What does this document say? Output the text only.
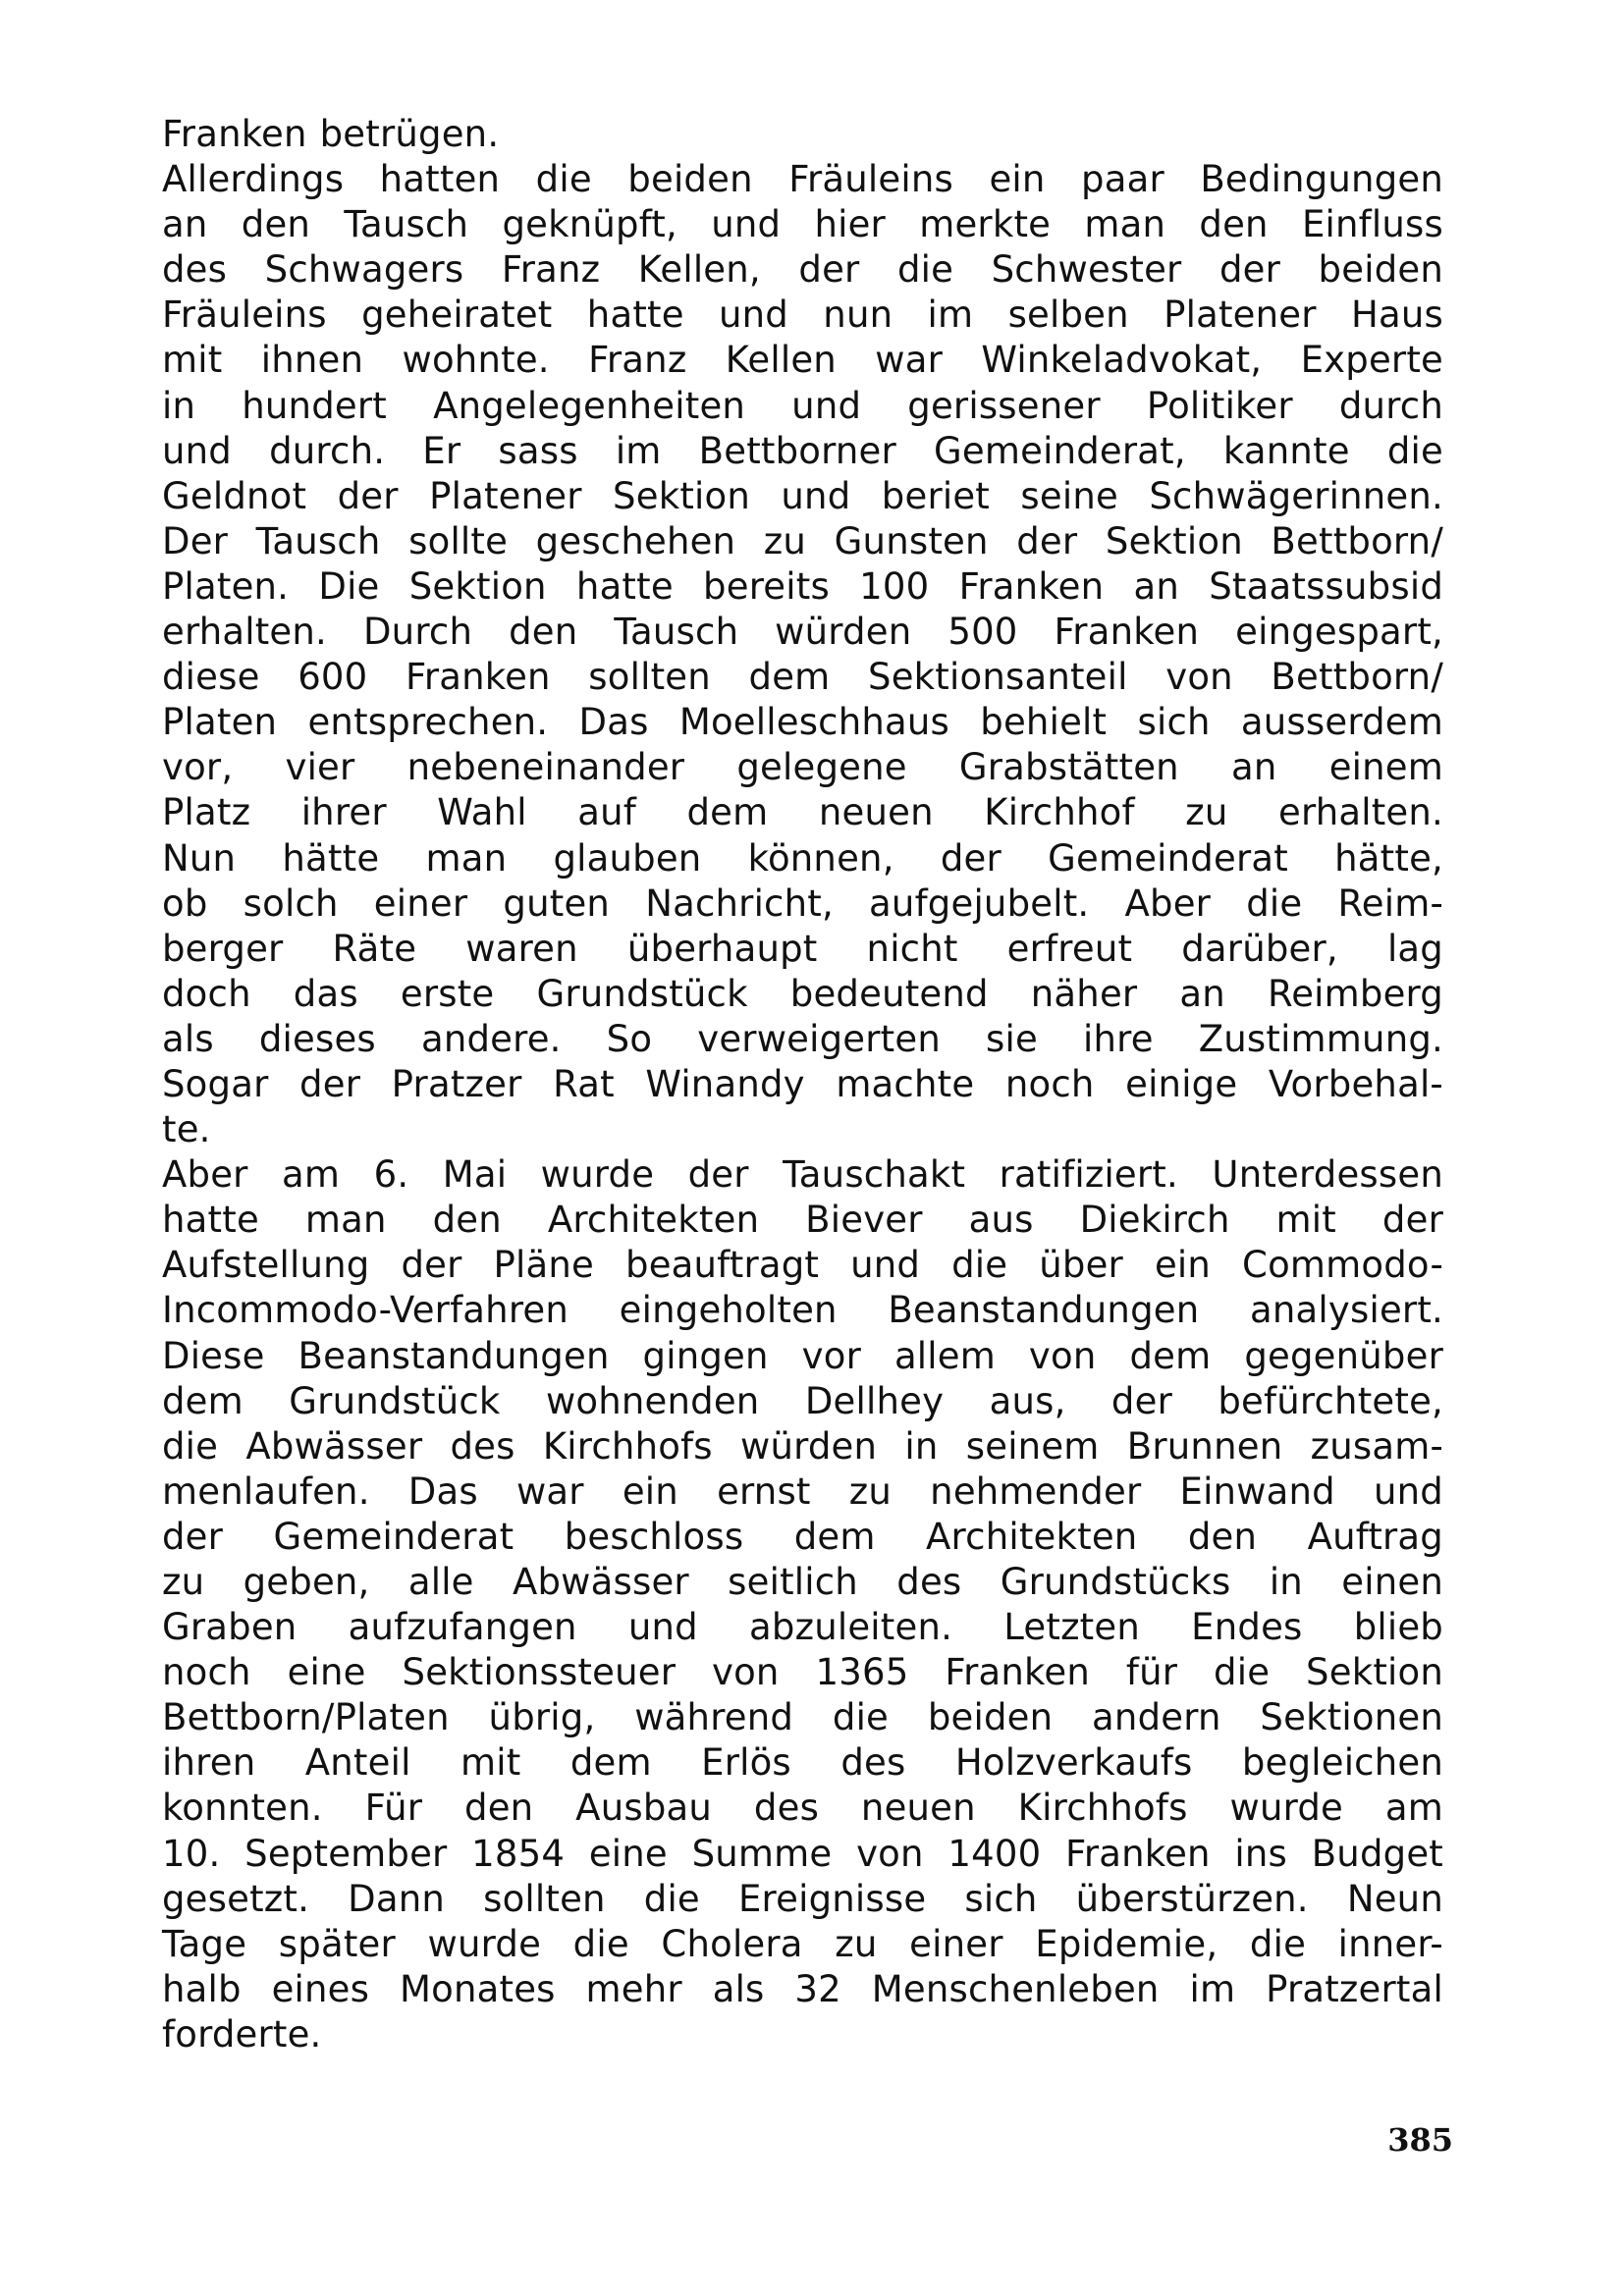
Franken betrügen.
Allerdings hatten die beiden Fräuleins ein paar Bedingungen
an den Tausch geknüpft, und hier merkte man den Einfluss
des Schwagers Franz Kellen, der die Schwester der beiden
Fräuleins geheiratet hatte und nun im selben Platener Haus
mit ihnen wohnte. Franz Kellen war Winkeladvokat, Experte
in hundert Angelegenheiten und gerissener Politiker durch
und durch. Er sass im Bettborner Gemeinderat, kannte die
Geldnot der Platener Sektion und beriet seine Schwägerinnen.
Der Tausch sollte geschehen zu Gunsten der Sektion Bettborn/
Platen. Die Sektion hatte bereits 100 Franken an Staatssubsid
erhalten. Durch den Tausch würden 500 Franken eingespart,
diese 600 Franken sollten dem Sektionsanteil von Bettborn/
Platen entsprechen. Das Moelleschhaus behielt sich ausserdem
vor, vier nebeneinander gelegene Grabstätten an einem
Platz ihrer Wahl auf dem neuen Kirchhof zu erhalten.
Nun hätte man glauben können, der Gemeinderat hätte,
ob solch einer guten Nachricht, aufgejubelt. Aber die Reim-
berger Räte waren überhaupt nicht erfreut darüber, lag
doch das erste Grundstück bedeutend näher an Reimberg
als dieses andere. So verweigerten sie ihre Zustimmung.
Sogar der Pratzer Rat Winandy machte noch einige Vorbehal-
te.
Aber am 6. Mai wurde der Tauschakt ratifiziert. Unterdessen
hatte man den Architekten Biever aus Diekirch mit der
Aufstellung der Pläne beauftragt und die über ein Commodo-
Incommodo-Verfahren eingeholten Beanstandungen analysiert.
Diese Beanstandungen gingen vor allem von dem gegenüber
dem Grundstück wohnenden Dellhey aus, der befürchtete,
die Abwässer des Kirchhofs würden in seinem Brunnen zusam-
menlaufen. Das war ein ernst zu nehmender Einwand und
der Gemeinderat beschloss dem Architekten den Auftrag
zu geben, alle Abwässer seitlich des Grundstücks in einen
Graben aufzufangen und abzuleiten. Letzten Endes blieb
noch eine Sektionssteuer von 1365 Franken für die Sektion
Bettborn/Platen übrig, während die beiden andern Sektionen
ihren Anteil mit dem Erlös des Holzverkaufs begleichen
konnten. Für den Ausbau des neuen Kirchhofs wurde am
10. September 1854 eine Summe von 1400 Franken ins Budget
gesetzt. Dann sollten die Ereignisse sich überstürzen. Neun
Tage später wurde die Cholera zu einer Epidemie, die inner-
halb eines Monates mehr als 32 Menschenleben im Pratzertal
forderte.
385
